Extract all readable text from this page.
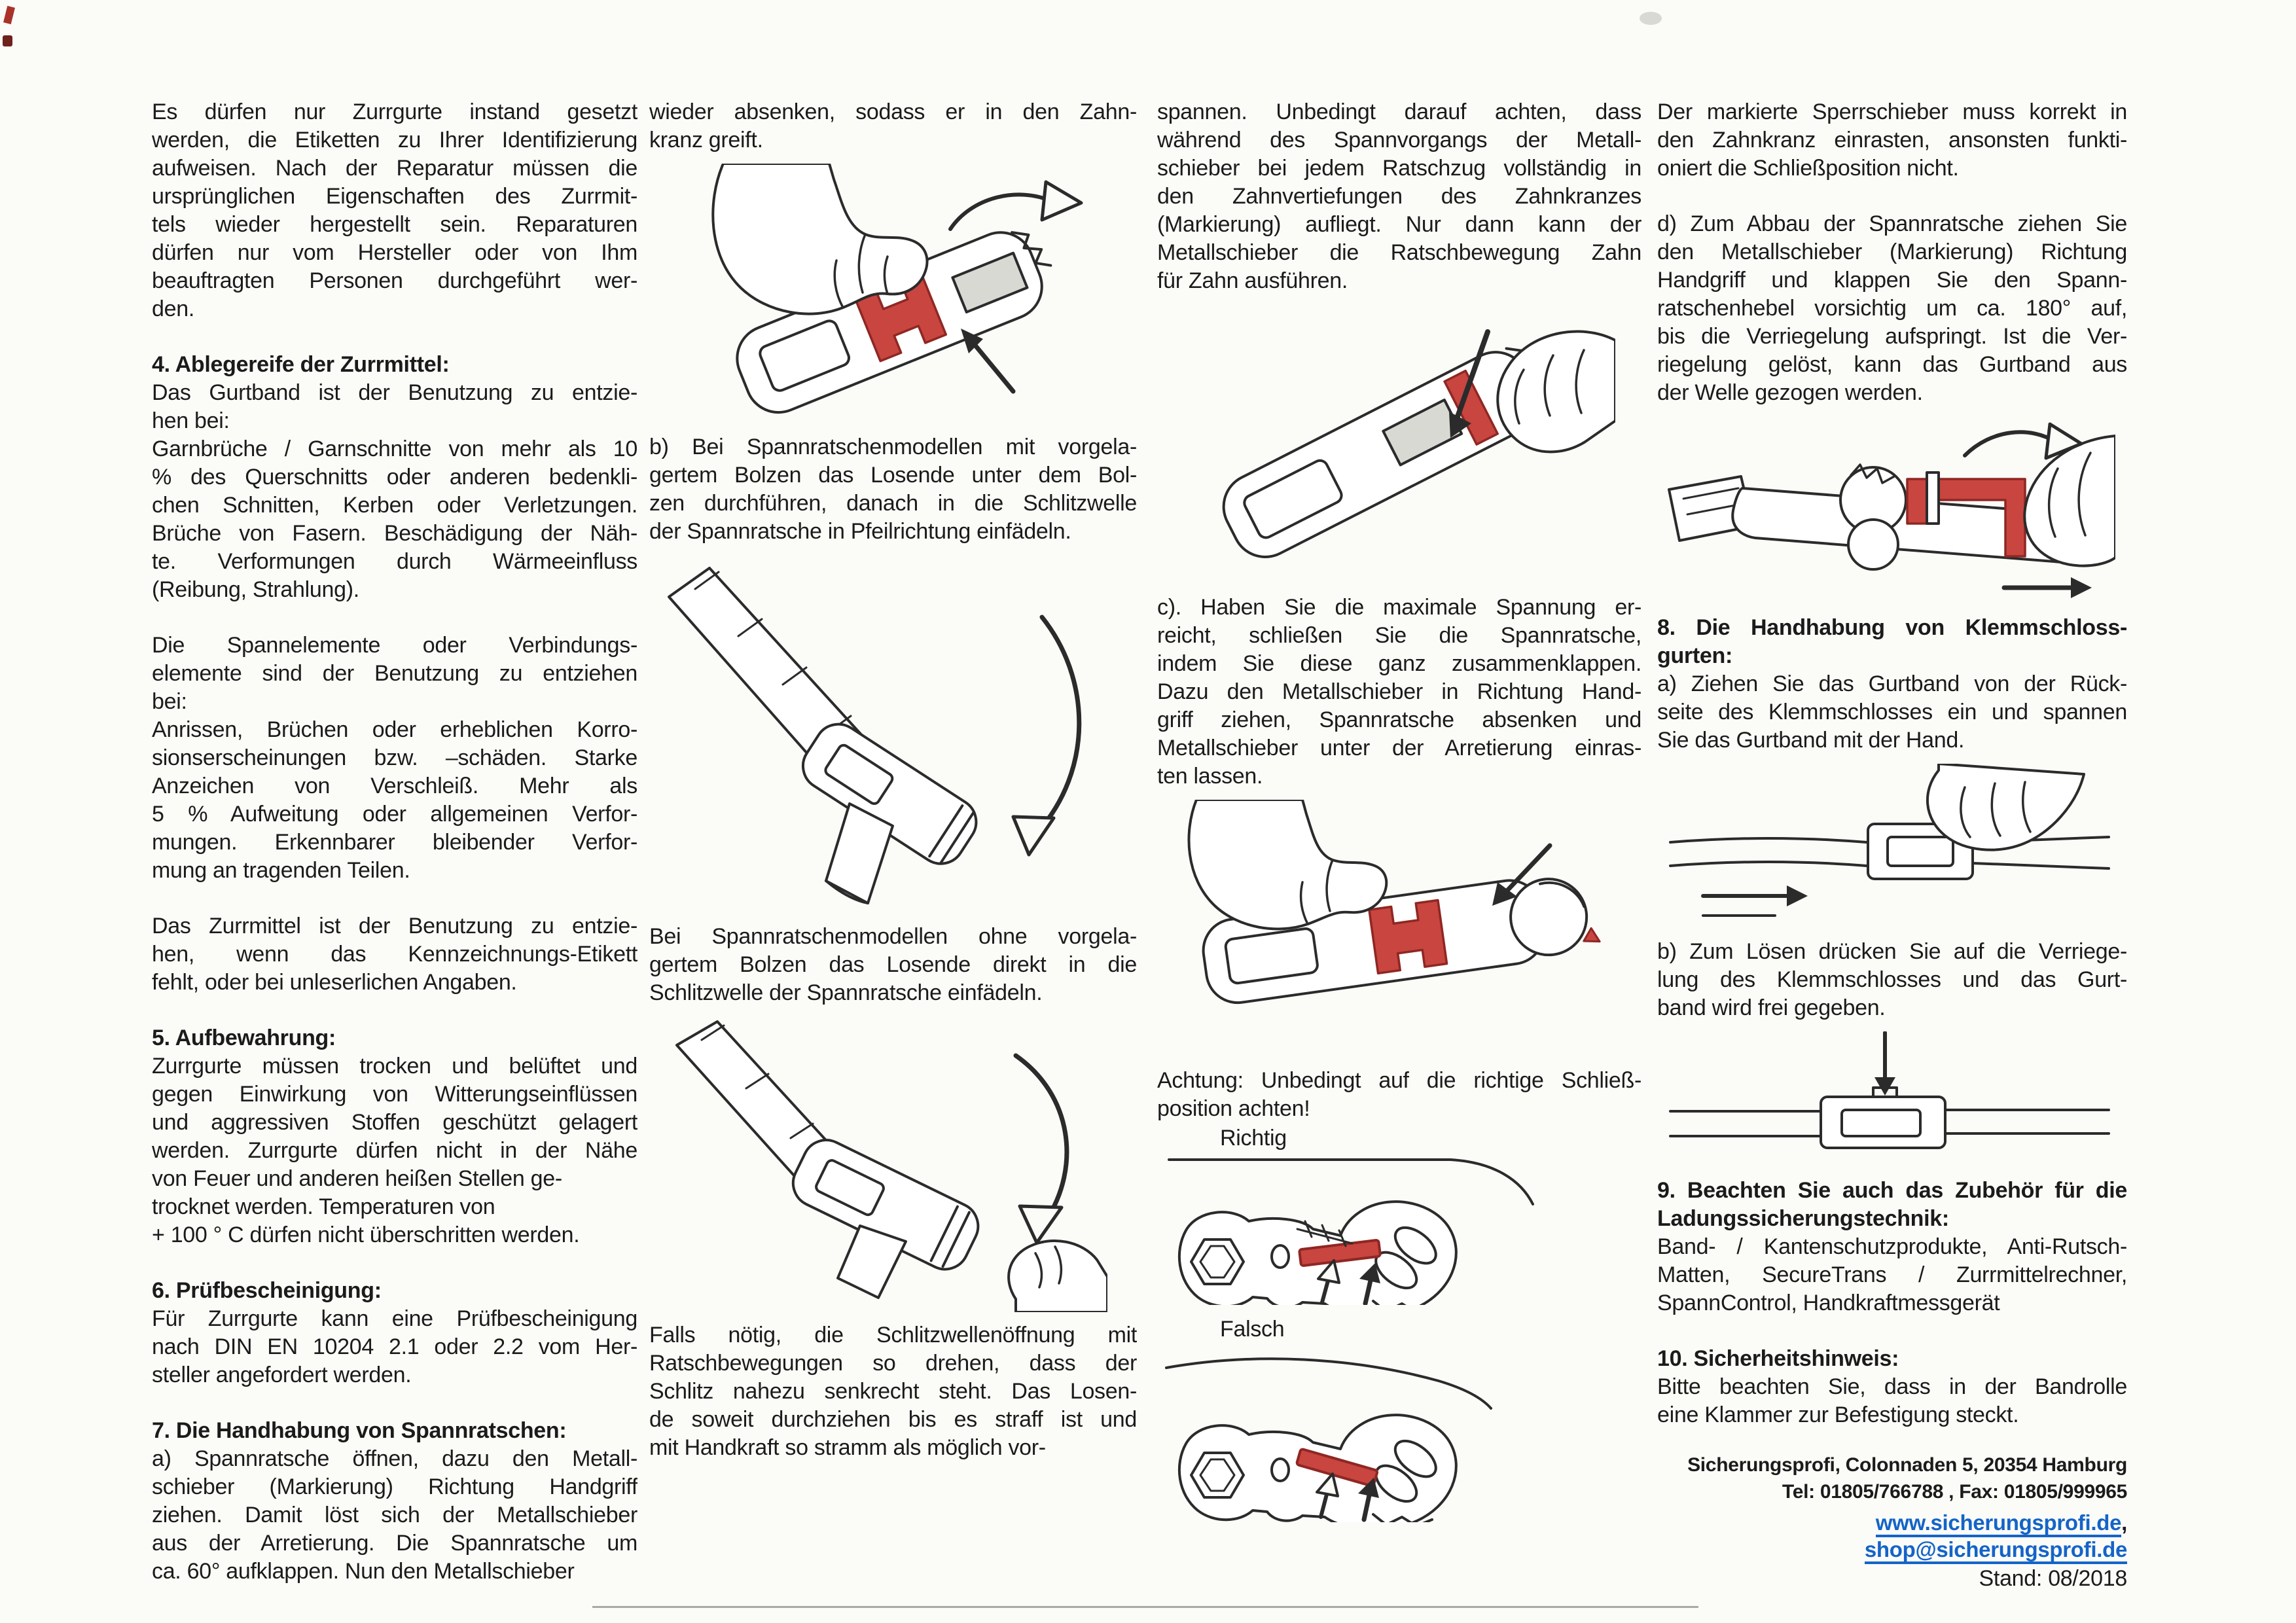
Es dürfen nur Zurrgurte instand gesetzt
werden, die Etiketten zu Ihrer Identifizierung
aufweisen. Nach der Reparatur müssen die
ursprünglichen Eigenschaften des Zurrmit-
tels wieder hergestellt sein. Reparaturen
dürfen nur vom Hersteller oder von Ihm
beauftragten Personen durchgeführt wer-
den.
4. Ablegereife der Zurrmittel:
Das Gurtband ist der Benutzung zu entzie-
hen bei:
Garnbrüche / Garnschnitte von mehr als 10
% des Querschnitts oder anderen bedenkli-
chen Schnitten, Kerben oder Verletzungen.
Brüche von Fasern. Beschädigung der Näh-
te. Verformungen durch Wärmeeinfluss
(Reibung, Strahlung).
Die Spannelemente oder Verbindungs-
elemente sind der Benutzung zu entziehen
bei:
Anrissen, Brüchen oder erheblichen Korro-
sionserscheinungen bzw. –schäden. Starke
Anzeichen von Verschleiß. Mehr als
5 % Aufweitung oder allgemeinen Verfor-
mungen. Erkennbarer bleibender Verfor-
mung an tragenden Teilen.
Das Zurrmittel ist der Benutzung zu entzie-
hen, wenn das Kennzeichnungs-Etikett
fehlt, oder bei unleserlichen Angaben.
5. Aufbewahrung:
Zurrgurte müssen trocken und belüftet und
gegen Einwirkung von Witterungseinflüssen
und aggressiven Stoffen geschützt gelagert
werden. Zurrgurte dürfen nicht in der Nähe
von Feuer und anderen heißen Stellen ge-
trocknet werden. Temperaturen von
+ 100 ° C dürfen nicht überschritten werden.
6. Prüfbescheinigung:
Für Zurrgurte kann eine Prüfbescheinigung
nach DIN EN 10204 2.1 oder 2.2 vom Her-
steller angefordert werden.
7. Die Handhabung von Spannratschen:
a) Spannratsche öffnen, dazu den Metall-
schieber (Markierung) Richtung Handgriff
ziehen. Damit löst sich der Metallschieber
aus der Arretierung. Die Spannratsche um
ca. 60° aufklappen. Nun den Metallschieber
wieder absenken, sodass er in den Zahn-
kranz greift.
b) Bei Spannratschenmodellen mit vorgela-
gertem Bolzen das Losende unter dem Bol-
zen durchführen, danach in die Schlitzwelle
der Spannratsche in Pfeilrichtung einfädeln.
Bei Spannratschenmodellen ohne vorgela-
gertem Bolzen das Losende direkt in die
Schlitzwelle der Spannratsche einfädeln.
Falls nötig, die Schlitzwellenöffnung mit
Ratschbewegungen so drehen, dass der
Schlitz nahezu senkrecht steht. Das Losen-
de soweit durchziehen bis es straff ist und
mit Handkraft so stramm als möglich vor-
spannen. Unbedingt darauf achten, dass
während des Spannvorgangs der Metall-
schieber bei jedem Ratschzug vollständig in
den Zahnvertiefungen des Zahnkranzes
(Markierung) aufliegt. Nur dann kann der
Metallschieber die Ratschbewegung Zahn
für Zahn ausführen.
c). Haben Sie die maximale Spannung er-
reicht, schließen Sie die Spannratsche,
indem Sie diese ganz zusammenklappen.
Dazu den Metallschieber in Richtung Hand-
griff ziehen, Spannratsche absenken und
Metallschieber unter der Arretierung einras-
ten lassen.
Achtung: Unbedingt auf die richtige Schließ-
position achten!
Richtig
Falsch
Der markierte Sperrschieber muss korrekt in
den Zahnkranz einrasten, ansonsten funkti-
oniert die Schließposition nicht.
d) Zum Abbau der Spannratsche ziehen Sie
den Metallschieber (Markierung) Richtung
Handgriff und klappen Sie den Spann-
ratschenhebel vorsichtig um ca. 180° auf,
bis die Verriegelung aufspringt. Ist die Ver-
riegelung gelöst, kann das Gurtband aus
der Welle gezogen werden.
8. Die Handhabung von Klemmschloss-
gurten:
a) Ziehen Sie das Gurtband von der Rück-
seite des Klemmschlosses ein und spannen
Sie das Gurtband mit der Hand.
b) Zum Lösen drücken Sie auf die Verriege-
lung des Klemmschlosses und das Gurt-
band wird frei gegeben.
9. Beachten Sie auch das Zubehör für die
Ladungssicherungstechnik:
Band- / Kantenschutzprodukte, Anti-Rutsch-
Matten, SecureTrans / Zurrmittelrechner,
SpannControl, Handkraftmessgerät
10. Sicherheitshinweis:
Bitte beachten Sie, dass in der Bandrolle
eine Klammer zur Befestigung steckt.
Sicherungsprofi, Colonnaden 5, 20354 Hamburg
Tel: 01805/766788 , Fax: 01805/999965
www.sicherungsprofi.de, shop@sicherungsprofi.de
Stand: 08/2018
